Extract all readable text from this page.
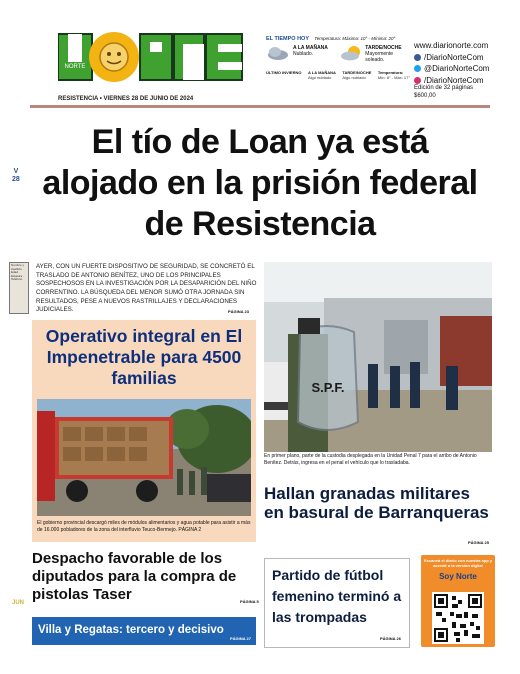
NORTE
EL TIEMPO HOY Temperatura: Máxima: 10° - Mínima: 20°
A LA MAÑANA
Nublado.
TARDE/NOCHE
Mayormente soleado.
ÚLTIMO INVIERNO A LA MAÑANA
Algo nublado
TARDE/NOCHE
Algo nublado
Temperatura:
Mín: 8° - Máx: 17°
www.diarionorte.com
/DiarioNorteCom
@DiarioNorteCom
/DiarioNorteCom
Edición de 32 páginas
$600,00
RESISTENCIA • VIERNES 28 DE JUNIO DE 2024
V
28
El tío de Loan ya está alojado en la prisión federal de Resistencia
Nombre y Apellido · Edad · Estatura · Teléfono

AYER, CON UN FUERTE DISPOSITIVO DE SEGURIDAD, SE CONCRETÓ EL TRASLADO DE ANTONIO BENÍTEZ, UNO DE LOS PRINCIPALES SOSPECHOSOS EN LA INVESTIGACIÓN POR LA DESAPARICIÓN DEL NIÑO CORRENTINO. LA BÚSQUEDA DEL MENOR SUMÓ OTRA JORNADA SIN RESULTADOS, PESE A NUEVOS RASTRILLAJES Y DECLARACIONES JUDICIALES.	PÁGINA 23
Operativo integral en El Impenetrable para 4500 familias

El gobierno provincial descargó miles de módulos alimentarios y agua potable para asistir a más de 16.000 pobladores de la zona del interfluvio Teuco-Bermejo. PÁGINA 2

S.P.F.

En primer plano, parte de la custodia desplegada en la Unidad Penal 7 para el arribo de Antonio Benítez. Detrás, ingresa en el penal el vehículo que lo trasladaba.

Hallan granadas militares en basural de Barranqueras
PÁGINA 25
JUN
Despacho favorable de los diputados para la compra de pistolas Taser	PÁGINA 5
Villa y Regatas: tercero y decisivo
PÁGINA 27
Partido de fútbol femenino terminó a las trompadas
PÁGINA 26
Escaneá el diario con nuestra app y accedé a la versión digital
Soy Norte
